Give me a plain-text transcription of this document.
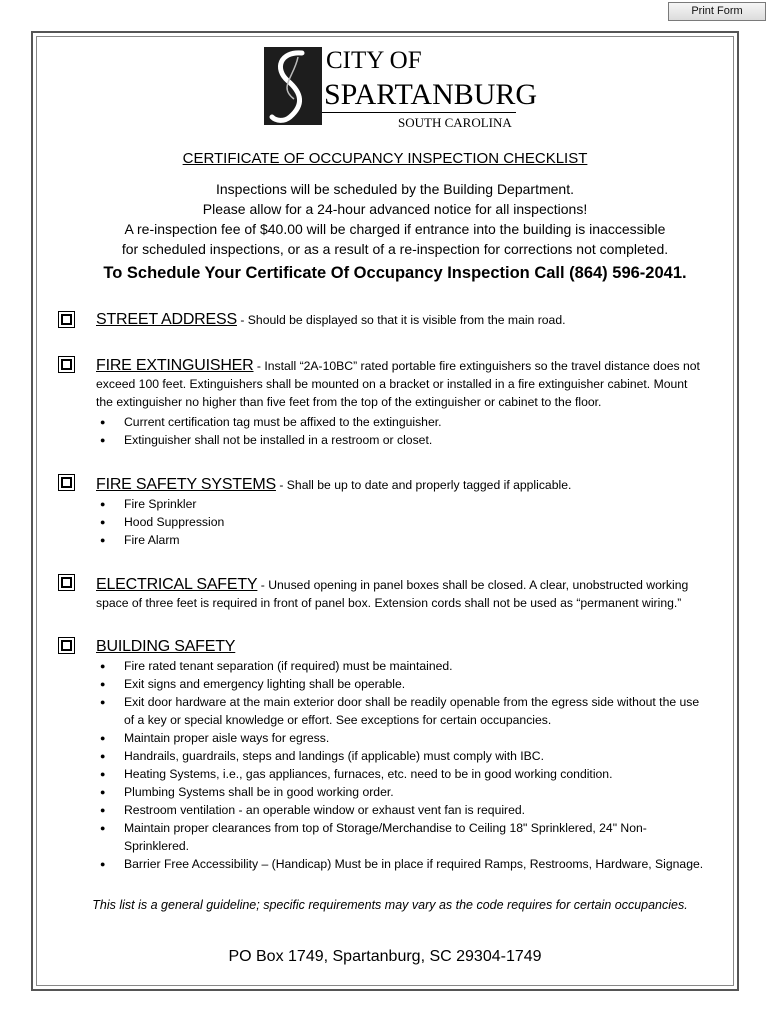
Print Form
CITY OF
SPARTANBURG
SOUTH CAROLINA
CERTIFICATE OF OCCUPANCY INSPECTION CHECKLIST
Inspections will be scheduled by the Building Department.
Please allow for a 24-hour advanced notice for all inspections!
A re-inspection fee of $40.00 will be charged if entrance into the building is inaccessible
for scheduled inspections, or as a result of a re-inspection for corrections not completed.
To Schedule Your Certificate Of Occupancy Inspection Call (864) 596-2041.

STREET ADDRESS - Should be displayed so that it is visible from the main road.

FIRE EXTINGUISHER - Install “2A-10BC” rated portable fire extinguishers so the travel distance does not

exceed 100 feet. Extinguishers shall be mounted on a bracket or installed in a fire extinguisher cabinet. Mount

the extinguisher no higher than five feet from the top of the extinguisher or cabinet to the floor.

● Current certification tag must be affixed to the extinguisher.
● Extinguisher shall not be installed in a restroom or closet.

FIRE SAFETY SYSTEMS - Shall be up to date and properly tagged if applicable.

● Fire Sprinkler
● Hood Suppression
● Fire Alarm

ELECTRICAL SAFETY - Unused opening in panel boxes shall be closed. A clear, unobstructed working

space of three feet is required in front of panel box. Extension cords shall not be used as “permanent wiring.”

BUILDING SAFETY

● Fire rated tenant separation (if required) must be maintained.
● Exit signs and emergency lighting shall be operable.
● Exit door hardware at the main exterior door shall be readily openable from the egress side without the use
of a key or special knowledge or effort. See exceptions for certain occupancies.
● Maintain proper aisle ways for egress.
● Handrails, guardrails, steps and landings (if applicable) must comply with IBC.
● Heating Systems, i.e., gas appliances, furnaces, etc. need to be in good working condition.
● Plumbing Systems shall be in good working order.
● Restroom ventilation - an operable window or exhaust vent fan is required.
● Maintain proper clearances from top of Storage/Merchandise to Ceiling 18" Sprinklered, 24" Non-
Sprinklered.
● Barrier Free Accessibility – (Handicap) Must be in place if required Ramps, Restrooms, Hardware, Signage.
This list is a general guideline; specific requirements may vary as the code requires for certain occupancies.
PO Box 1749, Spartanburg, SC 29304-1749
